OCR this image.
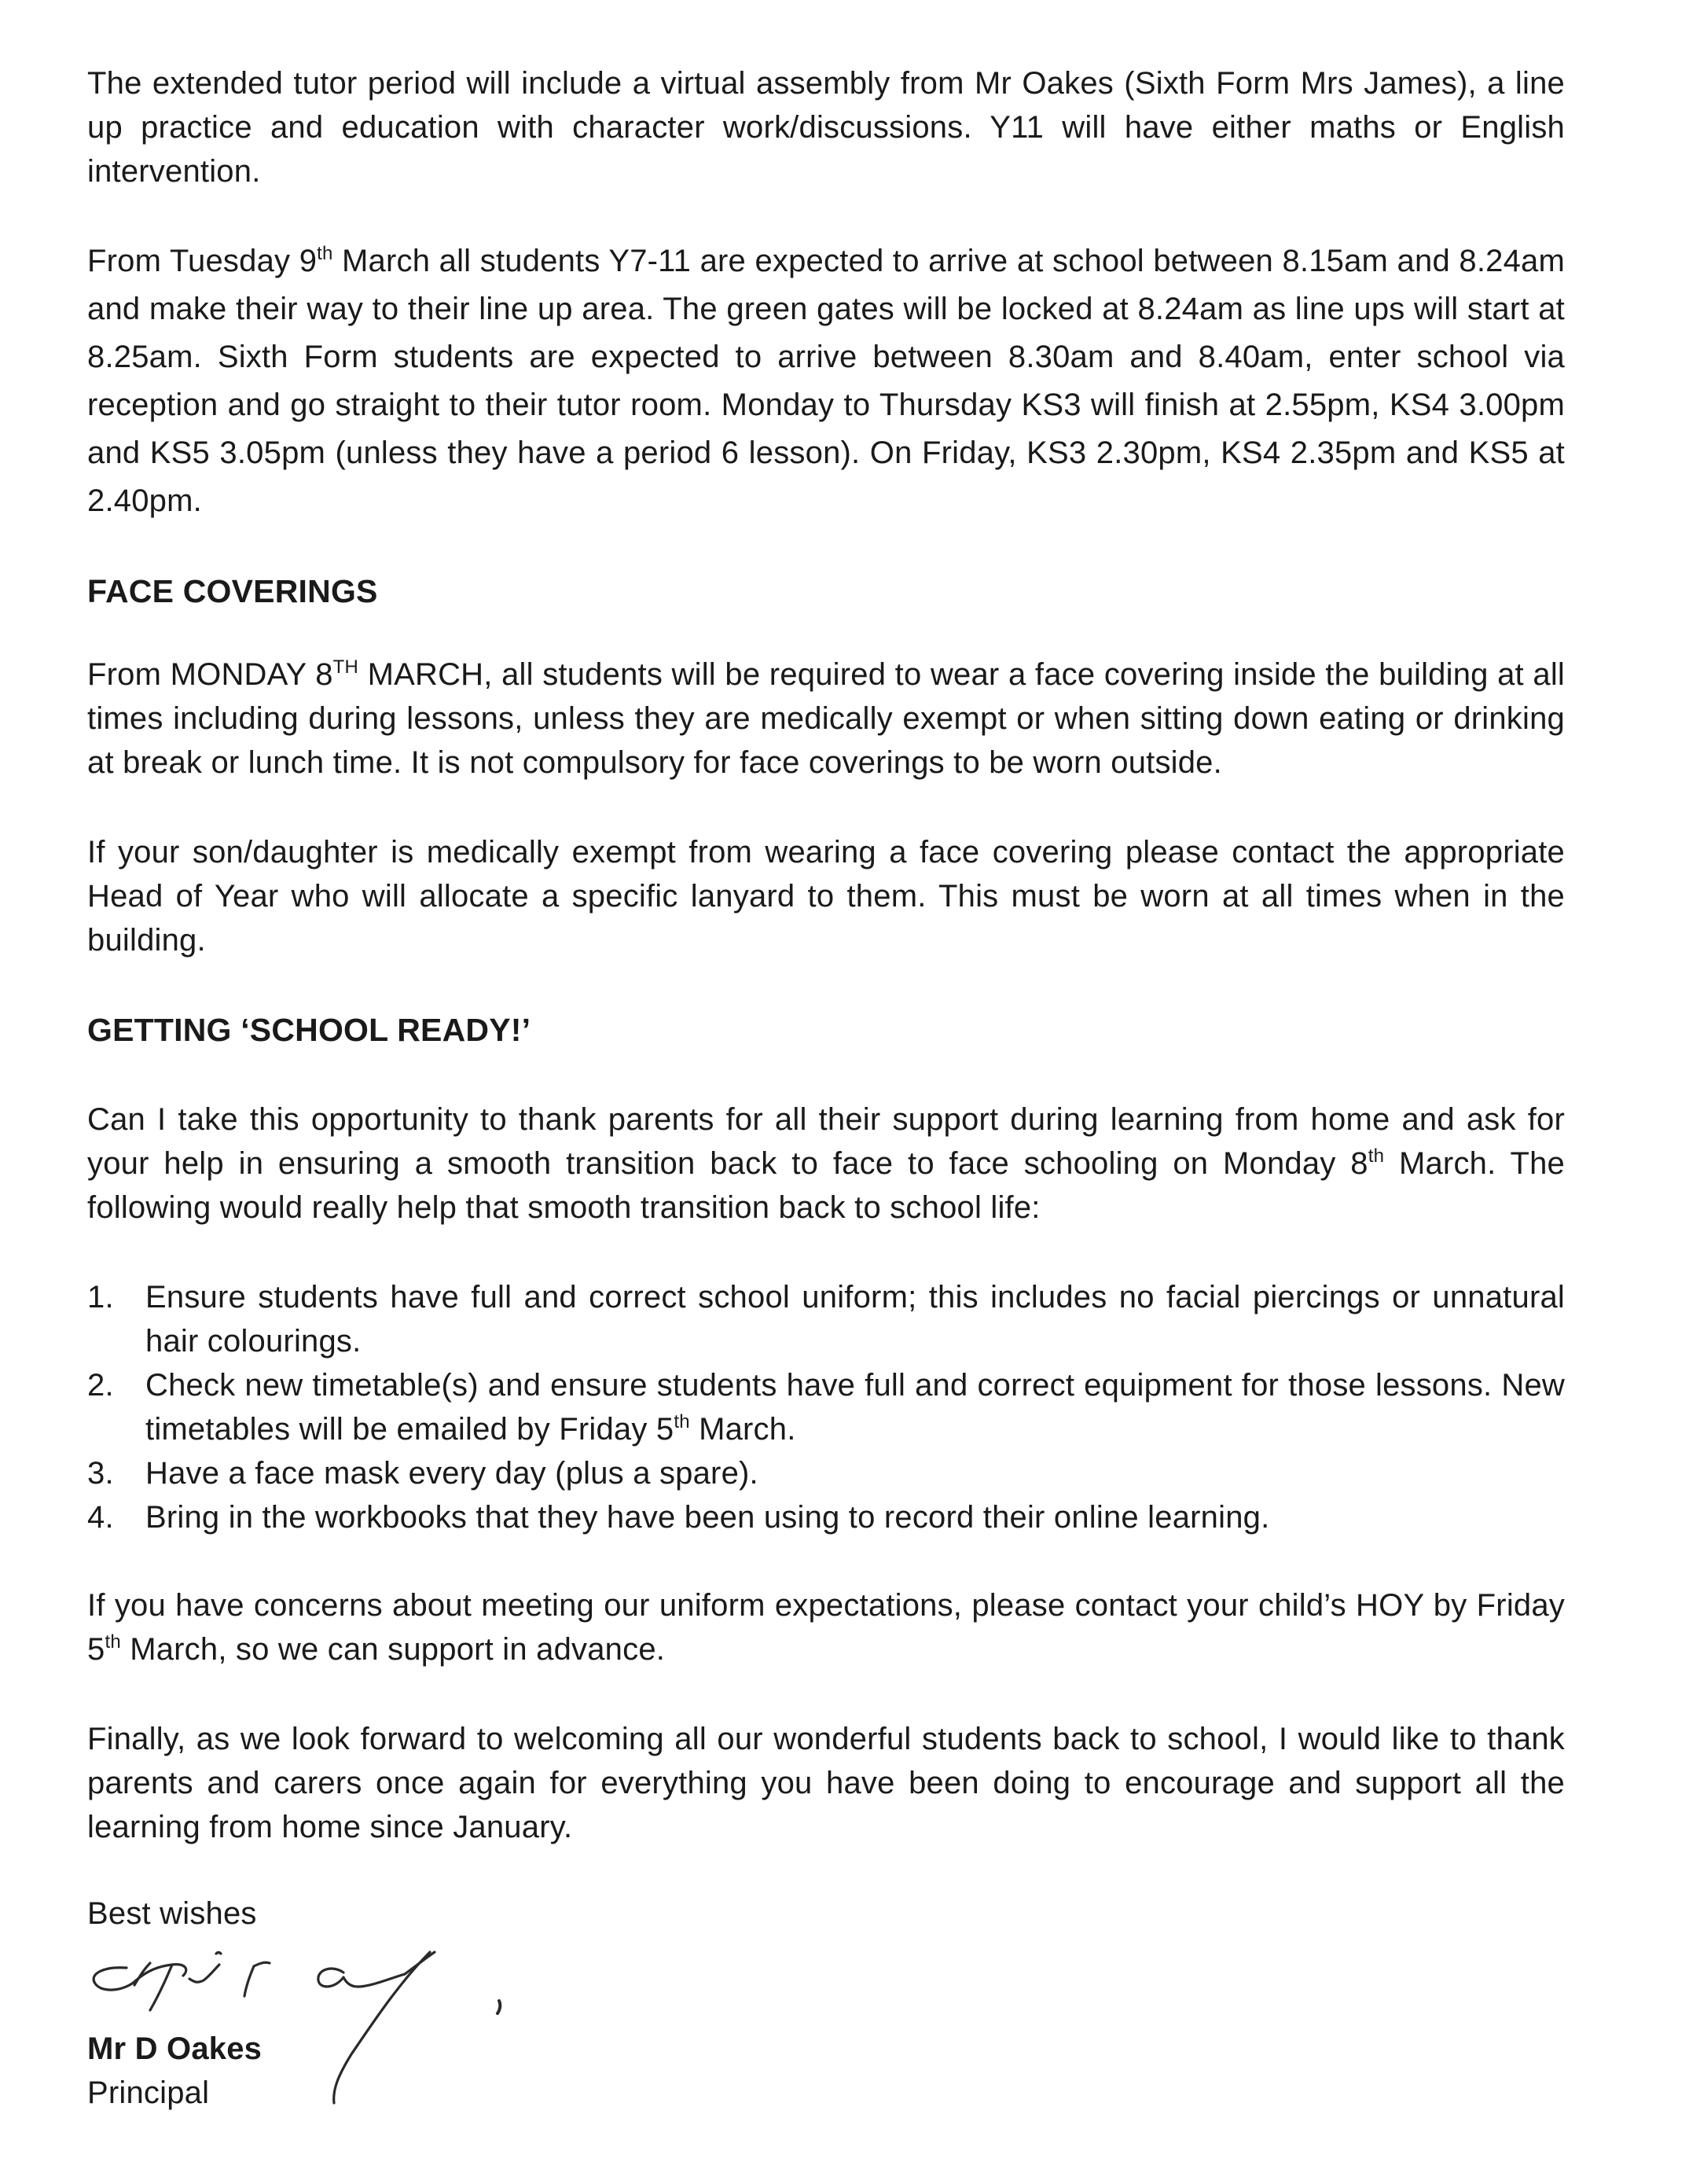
The extended tutor period will include a virtual assembly from Mr Oakes (Sixth Form Mrs James), a line up practice and education with character work/discussions. Y11 will have either maths or English intervention.

From Tuesday 9th March all students Y7-11 are expected to arrive at school between 8.15am and 8.24am and make their way to their line up area. The green gates will be locked at 8.24am as line ups will start at 8.25am. Sixth Form students are expected to arrive between 8.30am and 8.40am, enter school via reception and go straight to their tutor room. Monday to Thursday KS3 will finish at 2.55pm, KS4 3.00pm and KS5 3.05pm (unless they have a period 6 lesson). On Friday, KS3 2.30pm, KS4 2.35pm and KS5 at 2.40pm.

FACE COVERINGS

From MONDAY 8TH MARCH, all students will be required to wear a face covering inside the building at all times including during lessons, unless they are medically exempt or when sitting down eating or drinking at break or lunch time. It is not compulsory for face coverings to be worn outside.

If your son/daughter is medically exempt from wearing a face covering please contact the appropriate Head of Year who will allocate a specific lanyard to them. This must be worn at all times when in the building.

GETTING ‘SCHOOL READY!’

Can I take this opportunity to thank parents for all their support during learning from home and ask for your help in ensuring a smooth transition back to face to face schooling on Monday 8th March. The following would really help that smooth transition back to school life:

1.	Ensure students have full and correct school uniform; this includes no facial piercings or unnatural hair colourings.
2.	Check new timetable(s) and ensure students have full and correct equipment for those lessons. New timetables will be emailed by Friday 5th March.
3.	Have a face mask every day (plus a spare).
4.	Bring in the workbooks that they have been using to record their online learning.

If you have concerns about meeting our uniform expectations, please contact your child’s HOY by Friday 5th March, so we can support in advance.

Finally, as we look forward to welcoming all our wonderful students back to school, I would like to thank parents and carers once again for everything you have been doing to encourage and support all the learning from home since January.

Best wishes

Mr D Oakes

Principal
